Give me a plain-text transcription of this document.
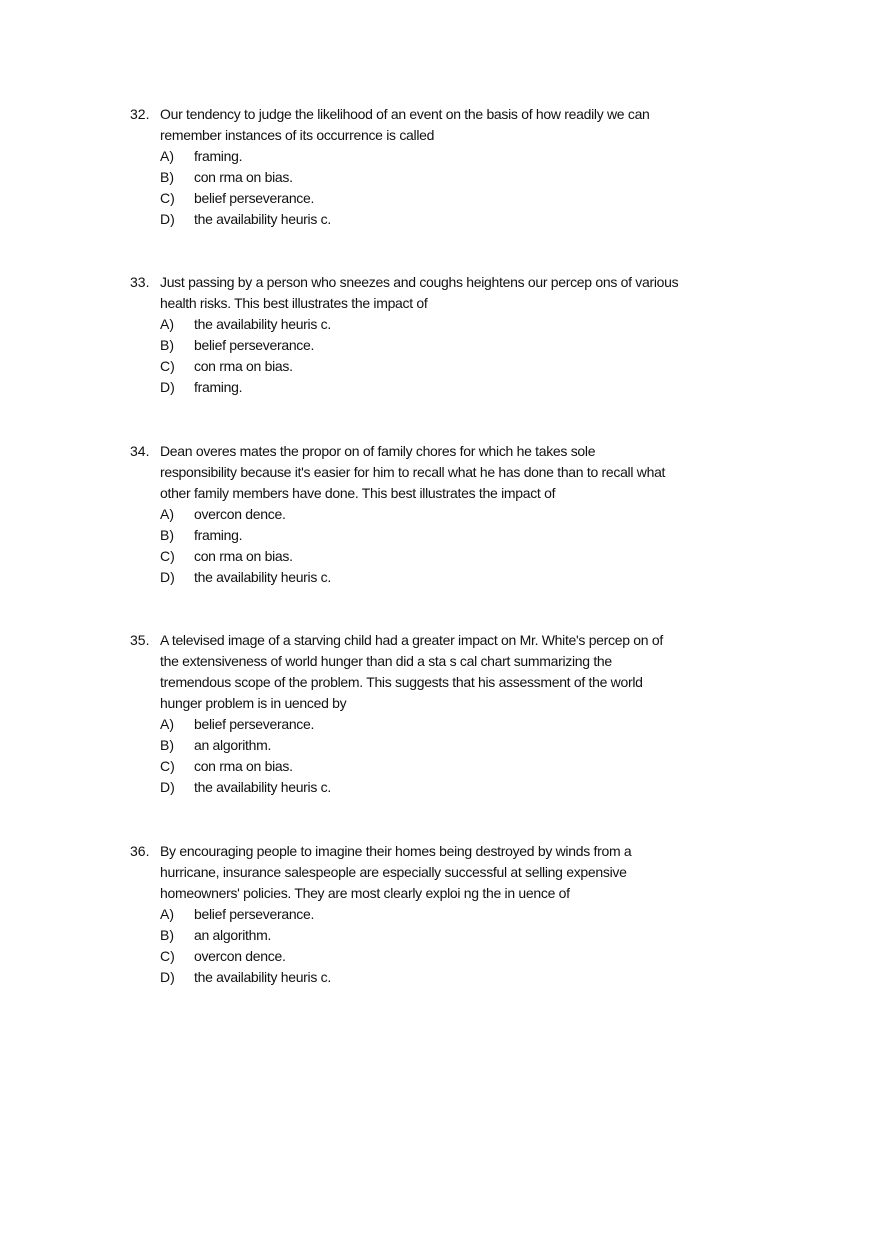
32. Our tendency to judge the likelihood of an event on the basis of how readily we can
remember instances of its occurrence is called
A) framing.
B) con rma on bias.
C) belief perseverance.
D) the availability heuris c.
33. Just passing by a person who sneezes and coughs heightens our percep ons of various
health risks. This best illustrates the impact of
A) the availability heuris c.
B) belief perseverance.
C) con rma on bias.
D) framing.
34. Dean overes mates the propor on of family chores for which he takes sole
responsibility because it's easier for him to recall what he has done than to recall what
other family members have done. This best illustrates the impact of
A) overcon dence.
B) framing.
C) con rma on bias.
D) the availability heuris c.
35. A televised image of a starving child had a greater impact on Mr. White's percep on of
the extensiveness of world hunger than did a sta s cal chart summarizing the
tremendous scope of the problem. This suggests that his assessment of the world
hunger problem is in uenced by
A) belief perseverance.
B) an algorithm.
C) con rma on bias.
D) the availability heuris c.
36. By encouraging people to imagine their homes being destroyed by winds from a
hurricane, insurance salespeople are especially successful at selling expensive
homeowners' policies. They are most clearly exploi ng the in uence of
A) belief perseverance.
B) an algorithm.
C) overcon dence.
D) the availability heuris c.
